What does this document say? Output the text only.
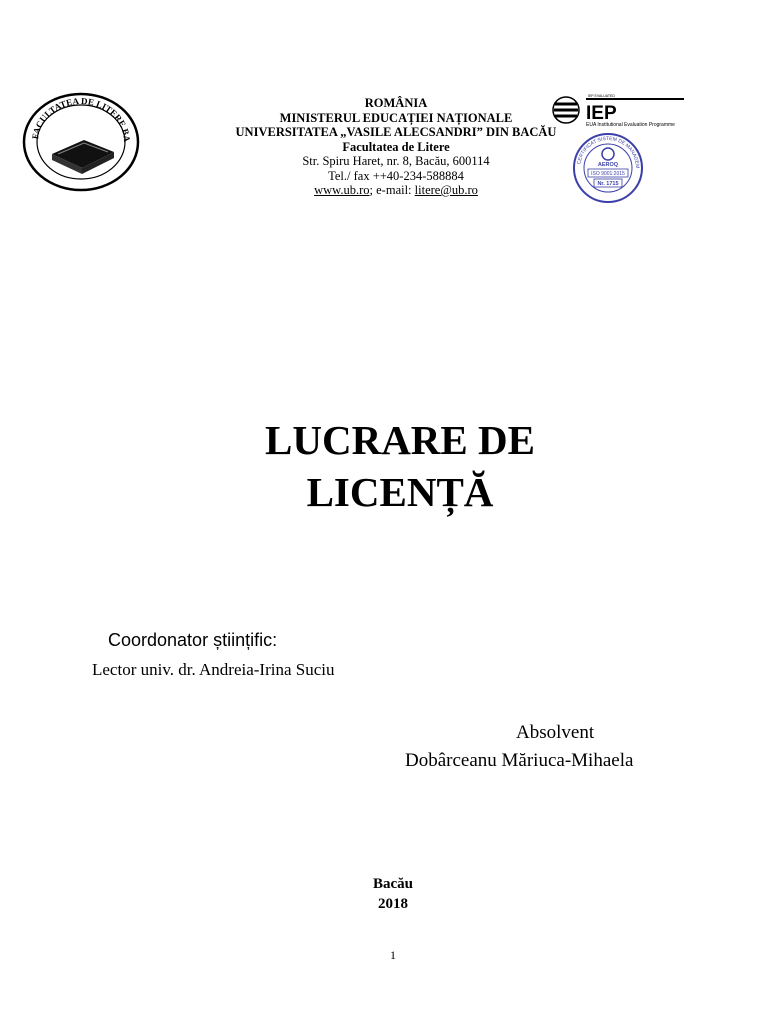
FACULTATEA DE LITERE BA
ROMÂNIA
MINISTERUL EDUCAȚIEI NAȚIONALE
UNIVERSITATEA „VASILE ALECSANDRI” DIN BACĂU
Facultatea de Litere
Str. Spiru Haret, nr. 8, Bacău, 600114
Tel./ fax ++40-234-588884
www.ub.ro; e-mail: litere@ub.ro
IEP EVALUATED
IEP
EUA Institutional Evaluation Programme
CERTIFICAT SISTEM DE MANAGEM
AEROQ
ISO 9001:2015
Nr. 1715
LUCRARE DE
LICENȚĂ
Coordonator științific:
Lector univ. dr. Andreia-Irina Suciu
Absolvent
Dobârceanu Măriuca-Mihaela
Bacău
2018
1
